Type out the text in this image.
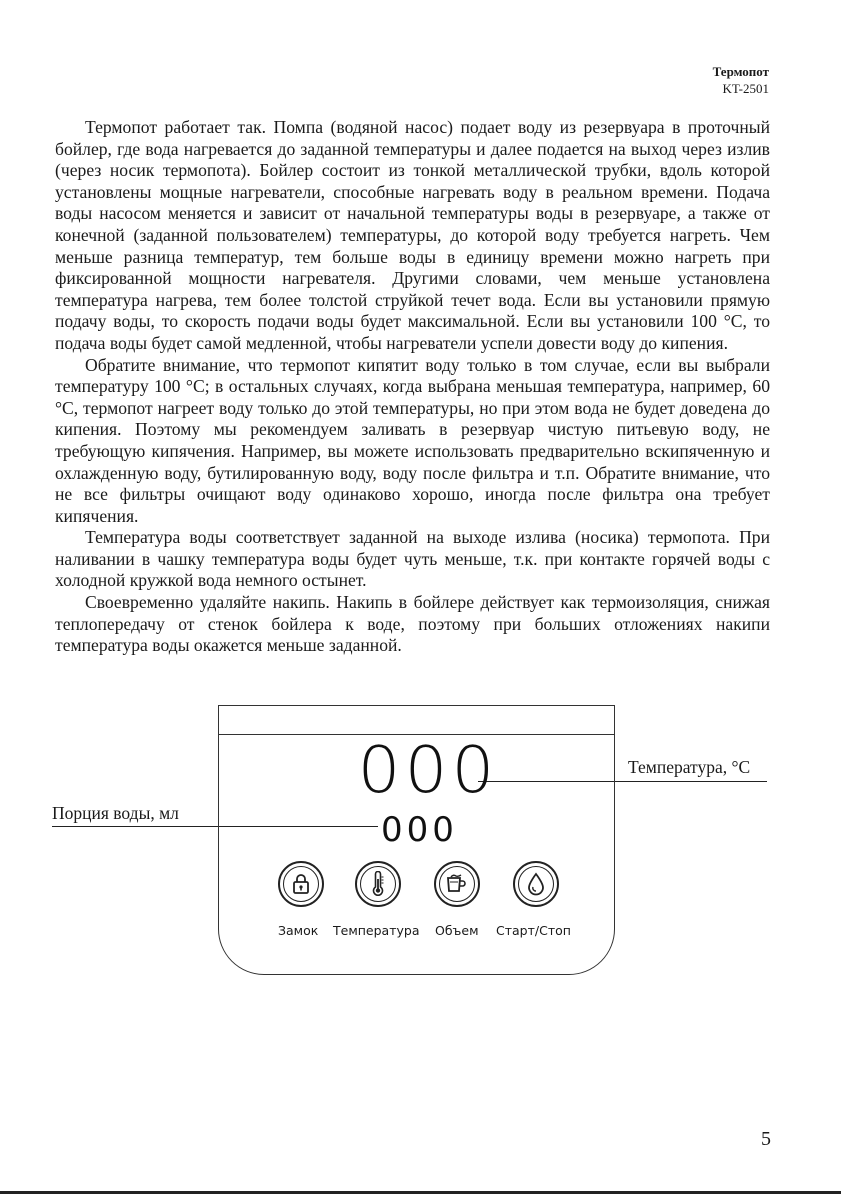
Термопот
KT-2501

Термопот работает так. Помпа (водяной насос) подает воду из резервуара в проточный бойлер, где вода нагревается до заданной температуры и далее подается на выход через излив (через носик термопота). Бойлер состоит из тонкой металлической трубки, вдоль которой установлены мощные нагреватели, способные нагревать воду в реальном времени. Подача воды насосом меняется и зависит от начальной температуры воды в резервуаре, а также от конечной (заданной пользователем) температуры, до которой воду требуется нагреть. Чем меньше разница температур, тем больше воды в единицу времени можно нагреть при фиксированной мощности нагревателя. Другими словами, чем меньше установлена температура нагрева, тем более толстой струйкой течет вода. Если вы установили прямую подачу воды, то скорость подачи воды будет максимальной. Если вы установили 100 °С, то подача воды будет самой медленной, чтобы нагреватели успели довести воду до кипения.

Обратите внимание, что термопот кипятит воду только в том случае, если вы выбрали температуру 100 °С; в остальных случаях, когда выбрана меньшая температура, например, 60 °С, термопот нагреет воду только до этой температуры, но при этом вода не будет доведена до кипения. Поэтому мы рекомендуем заливать в резервуар чистую питьевую воду, не требующую кипячения. Например, вы можете использовать предварительно вскипяченную и охлажденную воду, бутилированную воду, воду после фильтра и т.п. Обратите внимание, что не все фильтры очищают воду одинаково хорошо, иногда после фильтра она требует кипячения.

Температура воды соответствует заданной на выходе излива (носика) термопота. При наливании в чашку температура воды будет чуть меньше, т.к. при контакте горячей воды с холодной кружкой вода немного остынет.

Своевременно удаляйте накипь. Накипь в бойлере действует как термоизоляция, снижая теплопередачу от стенок бойлера к воде, поэтому при больших отложениях накипи температура воды окажется меньше заданной.

Порция воды, мл
Температура, °С
000
000
Замок Температура Объем Старт/Стоп
5
